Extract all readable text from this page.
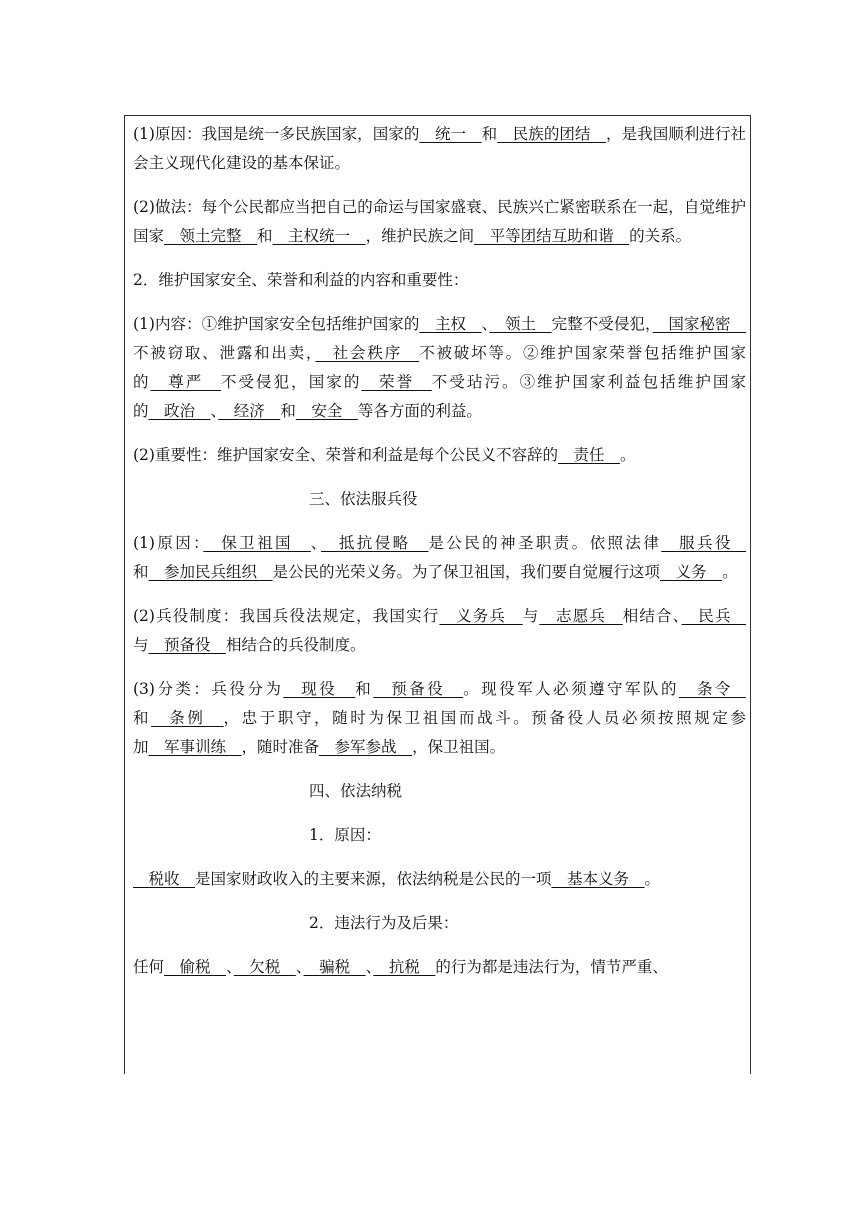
(1)原因：我国是统一多民族国家，国家的　统一　和　民族的团结　，是我国顺利进行社会主义现代化建设的基本保证。

(2)做法：每个公民都应当把自己的命运与国家盛衰、民族兴亡紧密联系在一起，自觉维护国家　领土完整　和　主权统一　，维护民族之间　平等团结互助和谐　的关系。

2．维护国家安全、荣誉和利益的内容和重要性：

(1)内容：①维护国家安全包括维护国家的　主权　、　领土　完整不受侵犯，　国家秘密　不被窃取、泄露和出卖，　社会秩序　不被破坏等。②维护国家荣誉包括维护国家的　尊严　不受侵犯，国家的　荣誉　不受玷污。③维护国家利益包括维护国家的　政治　、　经济　和　安全　等各方面的利益。

(2)重要性：维护国家安全、荣誉和利益是每个公民义不容辞的　责任　。

三、依法服兵役

(1)原因：　保卫祖国　、　抵抗侵略　是公民的神圣职责。依照法律　服兵役　和　参加民兵组织　是公民的光荣义务。为了保卫祖国，我们要自觉履行这项　义务　。

(2)兵役制度：我国兵役法规定，我国实行　义务兵　与　志愿兵　相结合、　民兵　与　预备役　相结合的兵役制度。

(3)分类：兵役分为　现役　和　预备役　。现役军人必须遵守军队的　条令　和　条例　，忠于职守，随时为保卫祖国而战斗。预备役人员必须按照规定参加　军事训练　，随时准备　参军参战　，保卫祖国。

四、依法纳税

1．原因：

　税收　是国家财政收入的主要来源，依法纳税是公民的一项　基本义务　。

2．违法行为及后果：

任何　偷税　、　欠税　、　骗税　、　抗税　的行为都是违法行为，情节严重、
